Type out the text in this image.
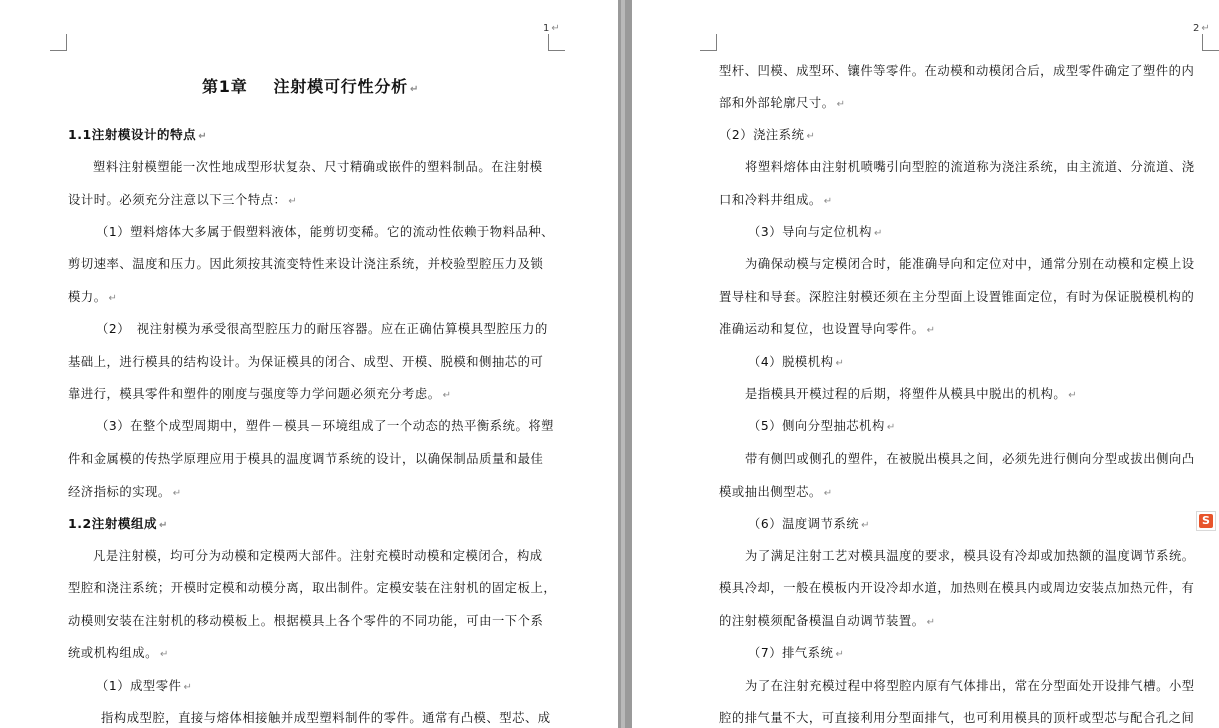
1 ↵
第1章 注射模可行性分析 ↵
1.1注射模设计的特点 ↵
塑料注射模塑能一次性地成型形状复杂、尺寸精确或嵌件的塑料制品。在注射模
设计时。必须充分注意以下三个特点： ↵
（1）塑料熔体大多属于假塑料液体，能剪切变稀。它的流动性依赖于物料品种、
剪切速率、温度和压力。因此须按其流变特性来设计浇注系统，并校验型腔压力及锁
模力。 ↵
（2）　视注射模为承受很高型腔压力的耐压容器。应在正确估算模具型腔压力的
基础上，进行模具的结构设计。为保证模具的闭合、成型、开模、脱模和侧抽芯的可
靠进行，模具零件和塑件的刚度与强度等力学问题必须充分考虑。 ↵
（3）在整个成型周期中，塑件－模具－环境组成了一个动态的热平衡系统。将塑
件和金属模的传热学原理应用于模具的温度调节系统的设计，以确保制品质量和最佳
经济指标的实现。 ↵
1.2注射模组成 ↵
凡是注射模，均可分为动模和定模两大部件。注射充模时动模和定模闭合，构成
型腔和浇注系统；开模时定模和动模分离，取出制件。定模安装在注射机的固定板上，
动模则安装在注射机的移动模板上。根据模具上各个零件的不同功能，可由一下个系
统或机构组成。 ↵
（1）成型零件 ↵
指构成型腔，直接与熔体相接触并成型塑料制件的零件。通常有凸模、型芯、成
2 ↵
型杆、凹模、成型环、镶件等零件。在动模和动模闭合后，成型零件确定了塑件的内
部和外部轮廓尺寸。 ↵
（2）浇注系统 ↵
将塑料熔体由注射机喷嘴引向型腔的流道称为浇注系统，由主流道、分流道、浇
口和冷料井组成。 ↵
（3）导向与定位机构 ↵
为确保动模与定模闭合时，能准确导向和定位对中，通常分别在动模和定模上设
置导柱和导套。深腔注射模还须在主分型面上设置锥面定位，有时为保证脱模机构的
准确运动和复位，也设置导向零件。 ↵
（4）脱模机构 ↵
是指模具开模过程的后期，将塑件从模具中脱出的机构。 ↵
（5）侧向分型抽芯机构 ↵
带有侧凹或侧孔的塑件，在被脱出模具之间，必须先进行侧向分型或拔出侧向凸
模或抽出侧型芯。 ↵
（6）温度调节系统 ↵
为了满足注射工艺对模具温度的要求，模具设有冷却或加热额的温度调节系统。
模具冷却，一般在模板内开设冷却水道，加热则在模具内或周边安装点加热元件，有
的注射模须配备模温自动调节装置。 ↵
（7）排气系统 ↵
为了在注射充模过程中将型腔内原有气体排出，常在分型面处开设排气槽。小型
腔的排气量不大，可直接利用分型面排气，也可利用模具的顶杆或型芯与配合孔之间
S
